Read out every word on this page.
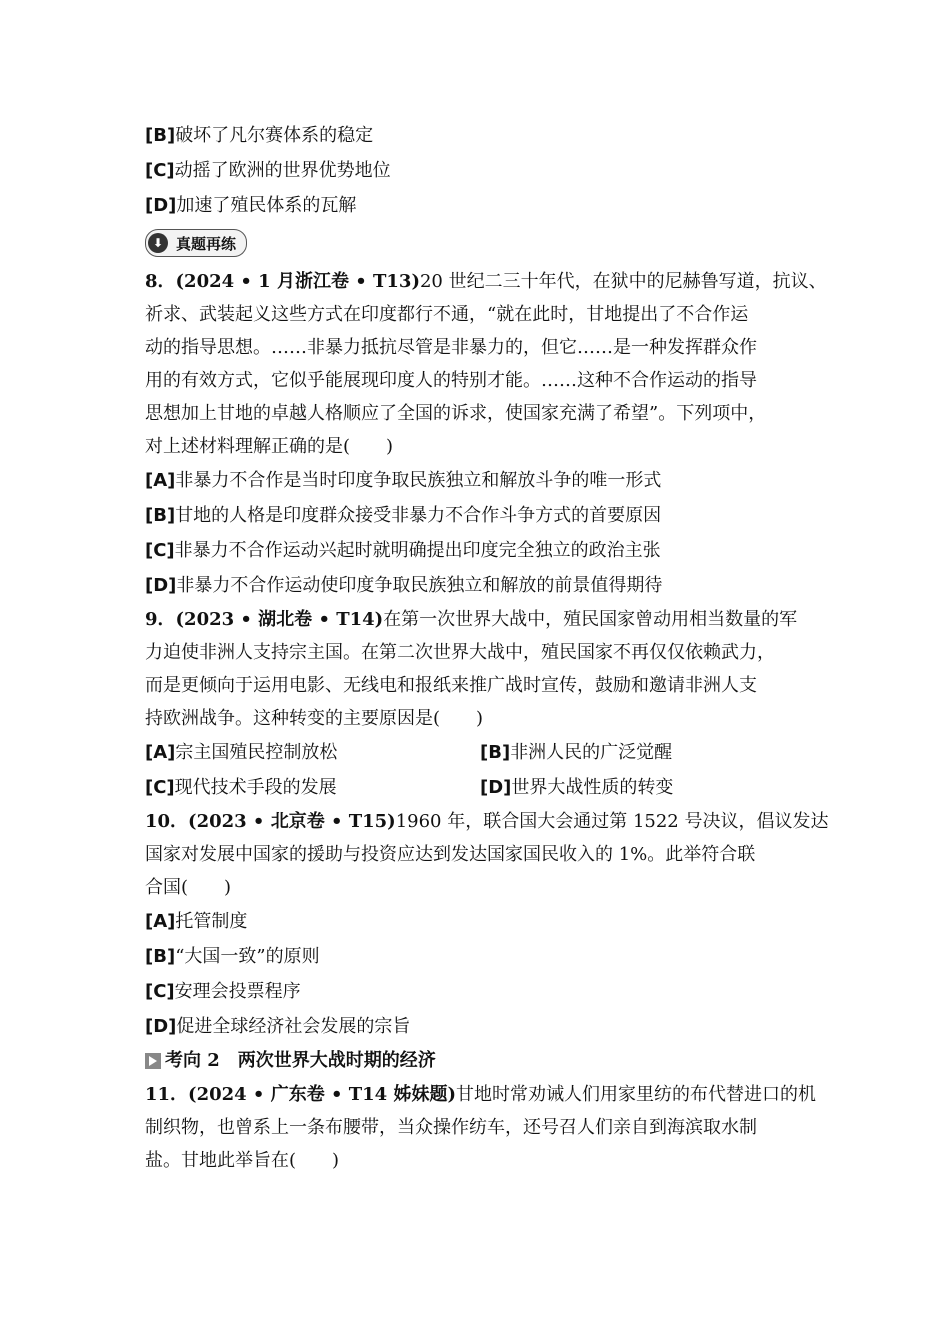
[B]破坏了凡尔赛体系的稳定
[C]动摇了欧洲的世界优势地位
[D]加速了殖民体系的瓦解
⬇ 真题再练
8．(2024 • 1 月浙江卷 • T13)20 世纪二三十年代，在狱中的尼赫鲁写道，抗议、
祈求、武装起义这些方式在印度都行不通，“就在此时，甘地提出了不合作运
动的指导思想。……非暴力抵抗尽管是非暴力的，但它……是一种发挥群众作
用的有效方式，它似乎能展现印度人的特别才能。……这种不合作运动的指导
思想加上甘地的卓越人格顺应了全国的诉求，使国家充满了希望”。下列项中，
对上述材料理解正确的是(　　)
[A]非暴力不合作是当时印度争取民族独立和解放斗争的唯一形式
[B]甘地的人格是印度群众接受非暴力不合作斗争方式的首要原因
[C]非暴力不合作运动兴起时就明确提出印度完全独立的政治主张
[D]非暴力不合作运动使印度争取民族独立和解放的前景值得期待
9．(2023 • 湖北卷 • T14)在第一次世界大战中，殖民国家曾动用相当数量的军
力迫使非洲人支持宗主国。在第二次世界大战中，殖民国家不再仅仅依赖武力，
而是更倾向于运用电影、无线电和报纸来推广战时宣传，鼓励和邀请非洲人支
持欧洲战争。这种转变的主要原因是(　　)
[A]宗主国殖民控制放松	[B]非洲人民的广泛觉醒
[C]现代技术手段的发展	[D]世界大战性质的转变
10．(2023 • 北京卷 • T15)1960 年，联合国大会通过第 1522 号决议，倡议发达
国家对发展中国家的援助与投资应达到发达国家国民收入的 1%。此举符合联
合国(　　)
[A]托管制度
[B]“大国一致”的原则
[C]安理会投票程序
[D]促进全球经济社会发展的宗旨
考向 2　两次世界大战时期的经济
11．(2024 • 广东卷 • T14 姊妹题)甘地时常劝诫人们用家里纺的布代替进口的机
制织物，也曾系上一条布腰带，当众操作纺车，还号召人们亲自到海滨取水制
盐。甘地此举旨在(　　)
